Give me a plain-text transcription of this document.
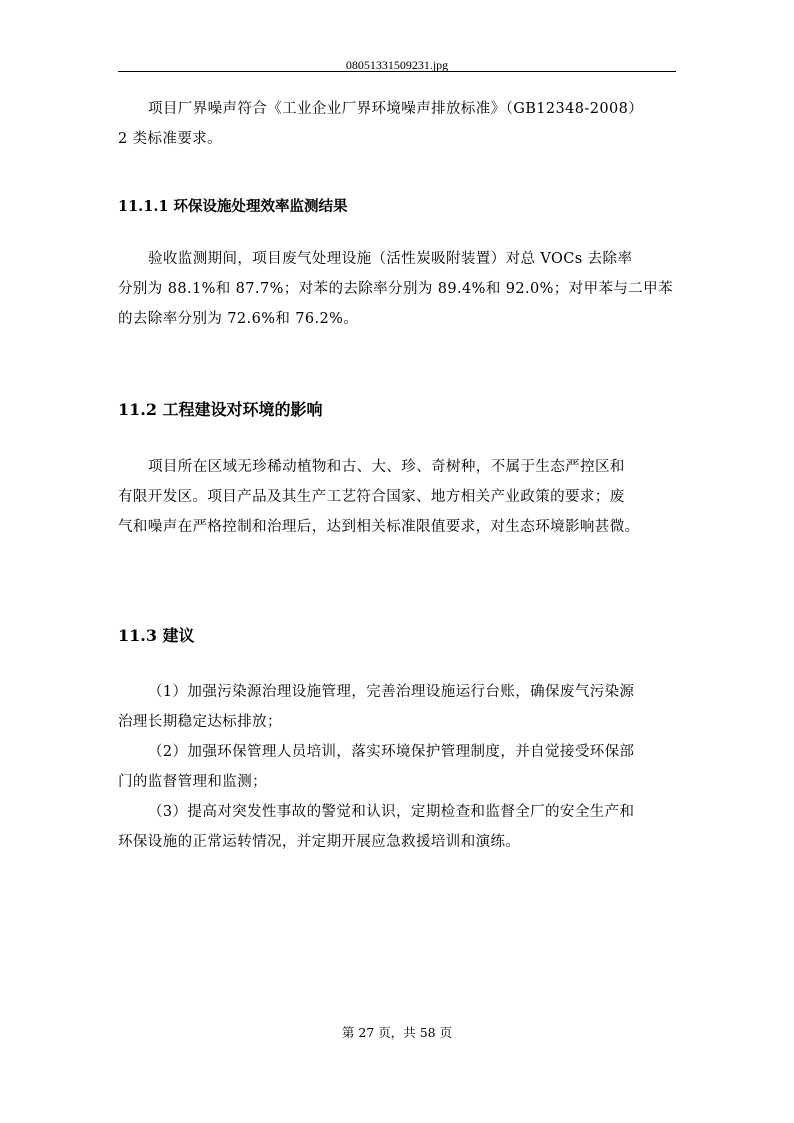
08051331509231.jpg

项目厂界噪声符合《工业企业厂界环境噪声排放标准》（GB12348-2008）
2 类标准要求。

11.1.1 环保设施处理效率监测结果

验收监测期间，项目废气处理设施（活性炭吸附装置）对总 VOCs 去除率
分别为 88.1%和 87.7%；对苯的去除率分别为 89.4%和 92.0%；对甲苯与二甲苯
的去除率分别为 72.6%和 76.2%。

11.2 工程建设对环境的影响

项目所在区域无珍稀动植物和古、大、珍、奇树种，不属于生态严控区和
有限开发区。项目产品及其生产工艺符合国家、地方相关产业政策的要求；废
气和噪声在严格控制和治理后，达到相关标准限值要求，对生态环境影响甚微。

11.3 建议

（1）加强污染源治理设施管理，完善治理设施运行台账，确保废气污染源
治理长期稳定达标排放；
（2）加强环保管理人员培训，落实环境保护管理制度，并自觉接受环保部
门的监督管理和监测；
（3）提高对突发性事故的警觉和认识，定期检查和监督全厂的安全生产和
环保设施的正常运转情况，并定期开展应急救援培训和演练。

第 27 页，共 58 页
